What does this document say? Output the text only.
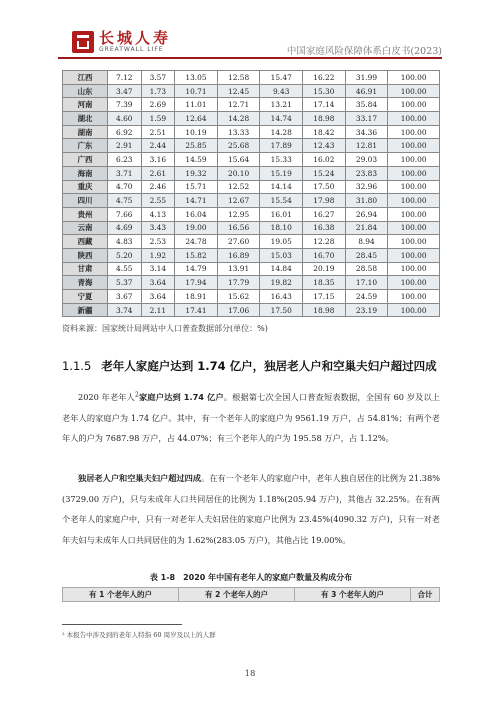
长城人寿
GREATWALL LIFE	中国家庭风险保障体系白皮书(2023)
江西	7.12	3.57	13.05	12.58	15.47	16.22	31.99	100.00
山东	3.47	1.73	10.71	12.45	9.43	15.30	46.91	100.00
河南	7.39	2.69	11.01	12.71	13.21	17.14	35.84	100.00
湖北	4.60	1.59	12.64	14.28	14.74	18.98	33.17	100.00
湖南	6.92	2.51	10.19	13.33	14.28	18.42	34.36	100.00
广东	2.91	2.44	25.85	25.68	17.89	12.43	12.81	100.00
广西	6.23	3.16	14.59	15.64	15.33	16.02	29.03	100.00
海南	3.71	2.61	19.32	20.10	15.19	15.24	23.83	100.00
重庆	4.70	2.46	15.71	12.52	14.14	17.50	32.96	100.00
四川	4.75	2.55	14.71	12.67	15.54	17.98	31.80	100.00
贵州	7.66	4.13	16.04	12.95	16.01	16.27	26.94	100.00
云南	4.69	3.43	19.00	16.56	18.10	16.38	21.84	100.00
西藏	4.83	2.53	24.78	27.60	19.05	12.28	8.94	100.00
陕西	5.20	1.92	15.82	16.89	15.03	16.70	28.45	100.00
甘肃	4.55	3.14	14.79	13.91	14.84	20.19	28.58	100.00
青海	5.37	3.64	17.94	17.79	19.82	18.35	17.10	100.00
宁夏	3.67	3.64	18.91	15.62	16.43	17.15	24.59	100.00
新疆	3.74	2.11	17.41	17.06	17.50	18.98	23.19	100.00
资料来源：国家统计局网站中人口普查数据部分(单位：%)
1.1.5 老年人家庭户达到 1.74 亿户，独居老人户和空巢夫妇户超过四成
2020 年老年人$^2$家庭户达到 1.74 亿户。根据第七次全国人口普查短表数据，全国有 60 岁及以上老年人的家庭户为 1.74 亿户。其中，有一个老年人的家庭户为 9561.19 万户，占 54.81%；有两个老年人的户为 7687.98 万户，占 44.07%；有三个老年人的户为 195.58 万户，占 1.12%。
独居老人户和空巢夫妇户超过四成。在有一个老年人的家庭户中，老年人独自居住的比例为 21.38%(3729.00 万户)，只与未成年人口共同居住的比例为 1.18%(205.94 万户)，其他占 32.25%。在有两个老年人的家庭户中，只有一对老年人夫妇居住的家庭户比例为 23.45%(4090.32 万户)，只有一对老年夫妇与未成年人口共同居住的为 1.62%(283.05 万户)，其他占比 19.00%。
表 1-8　2020 年中国有老年人的家庭户数量及构成分布
有 1 个老年人的户	有 2 个老年人的户	有 3 个老年人的户	合计
² 本报告中涉及到的老年人特指 60 周岁及以上的人群
18
